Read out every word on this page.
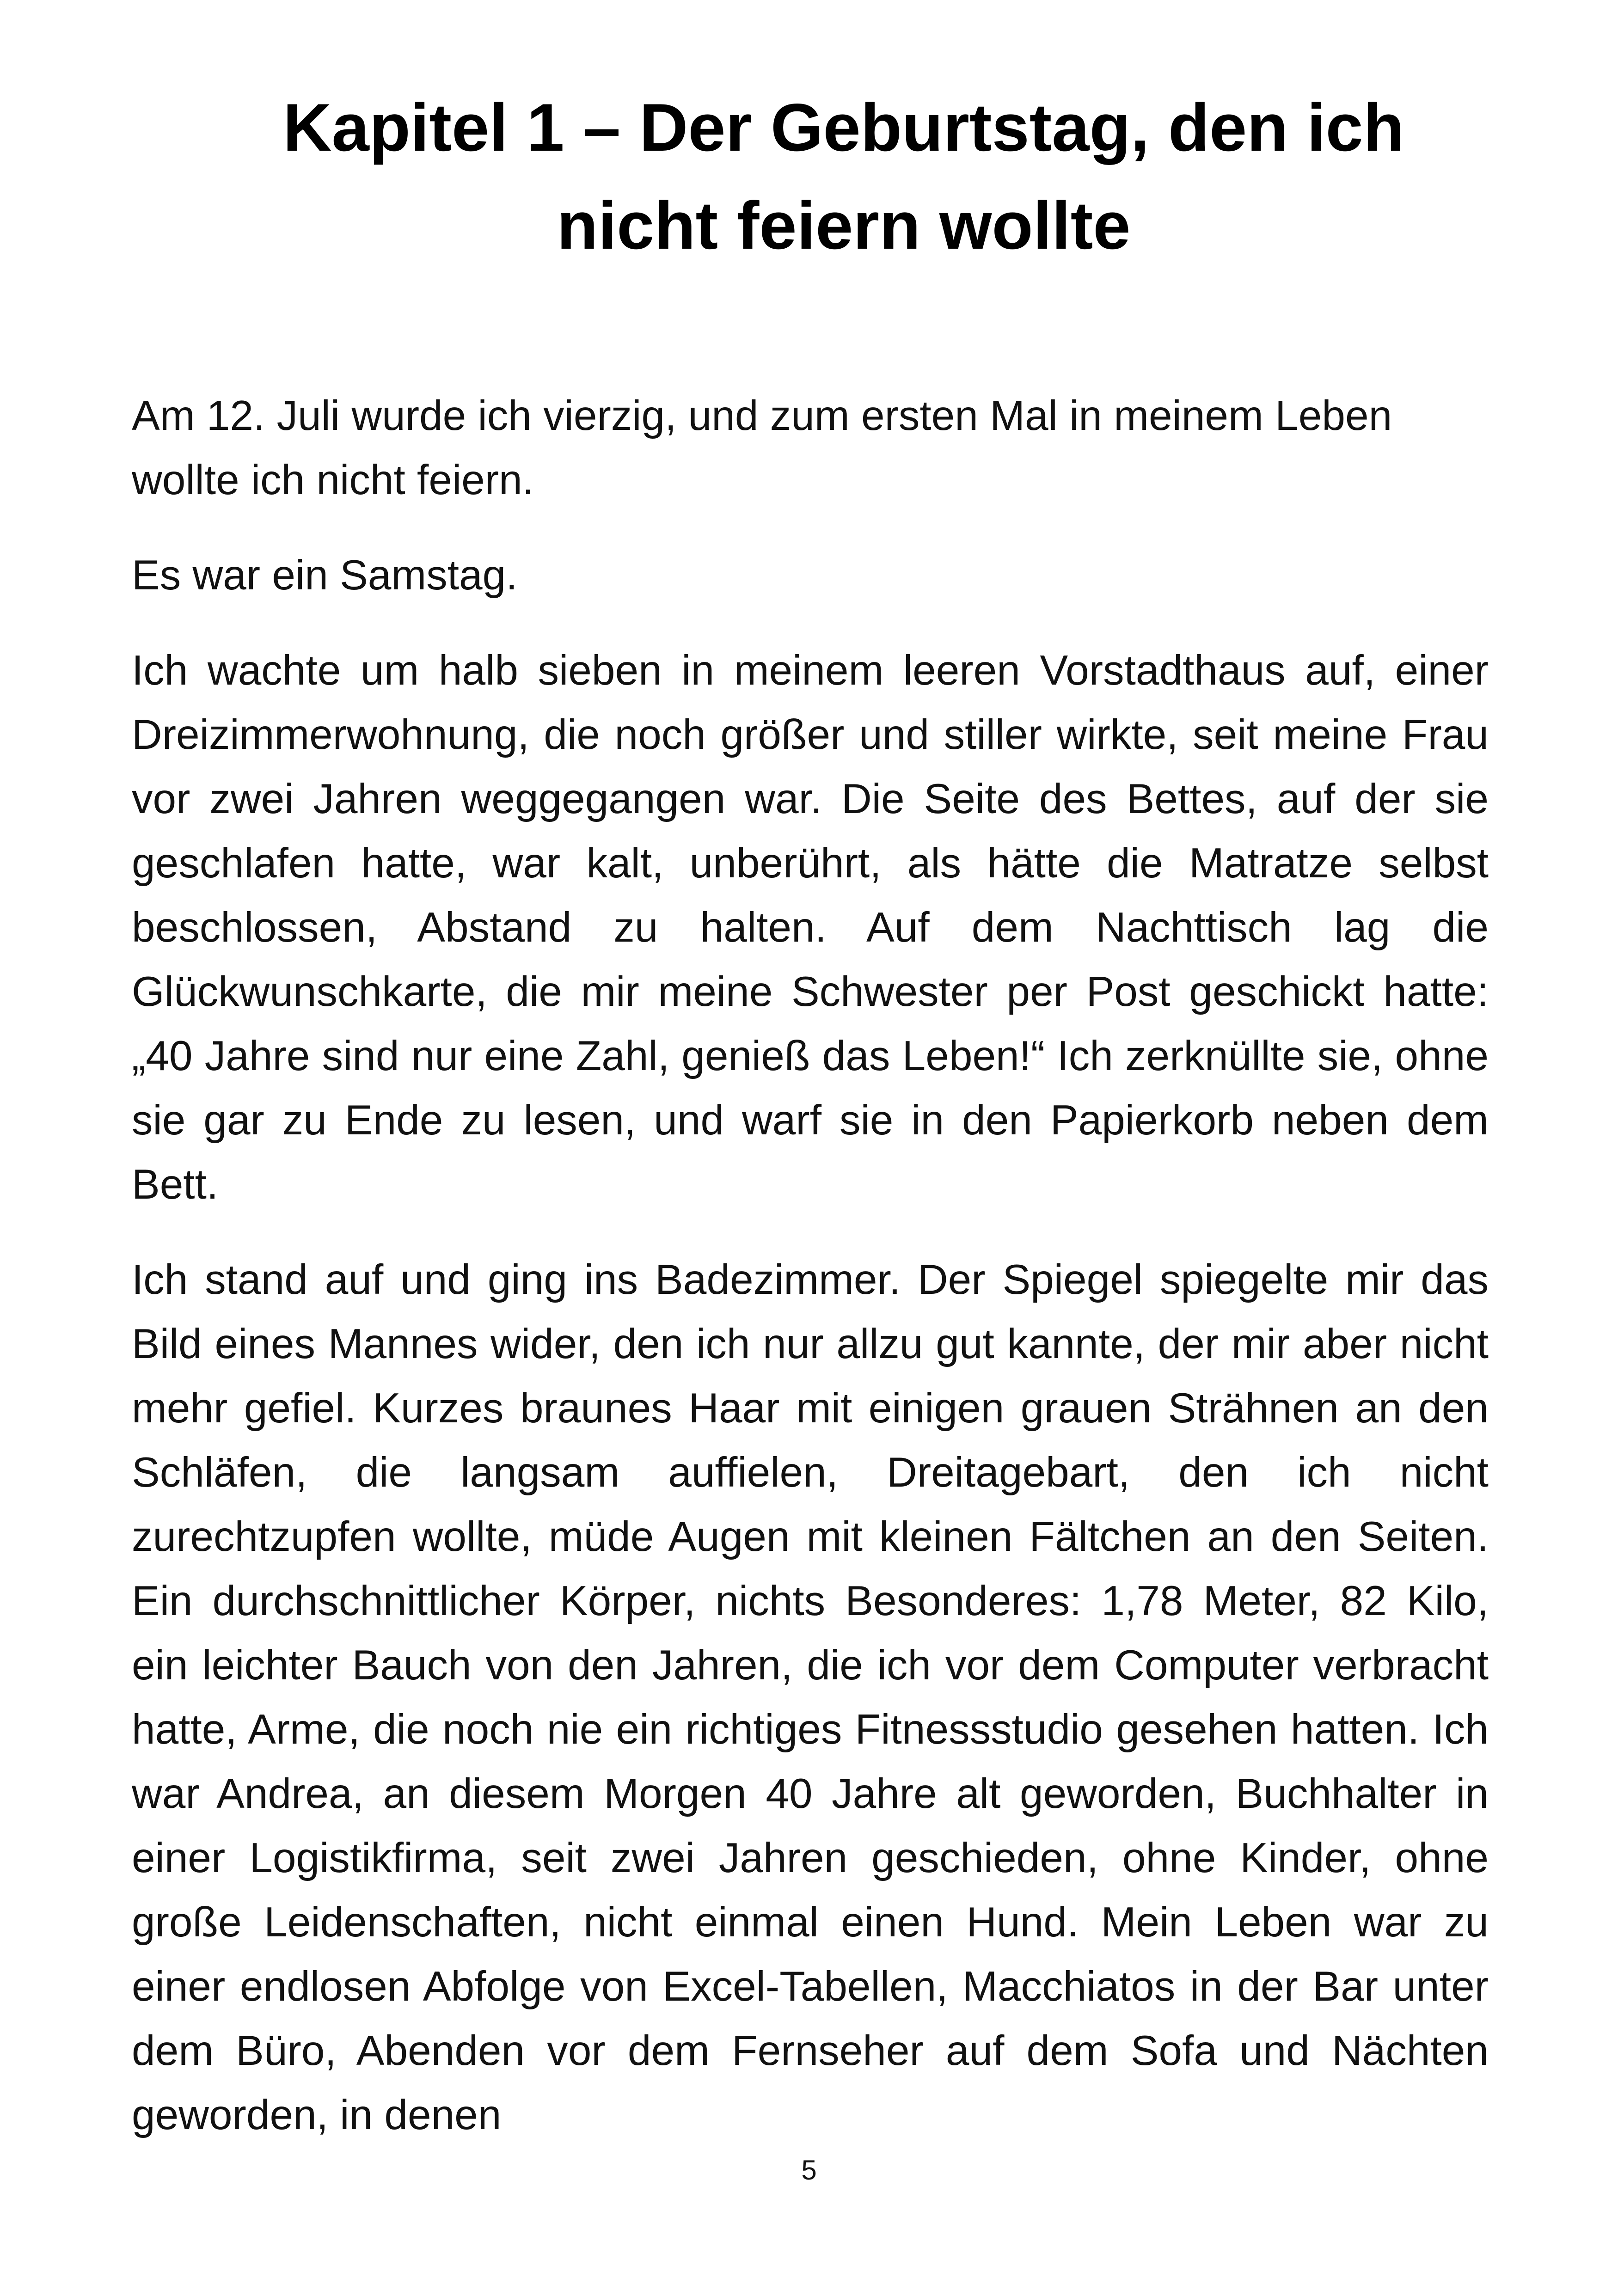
Kapitel 1 – Der Geburtstag, den ich
nicht feiern wollte

Am 12. Juli wurde ich vierzig, und zum ersten Mal in meinem Leben wollte ich nicht feiern.

Es war ein Samstag.

Ich wachte um halb sieben in meinem leeren Vorstadthaus auf, einer Dreizimmerwohnung, die noch größer und stiller wirkte, seit meine Frau vor zwei Jahren weggegangen war. Die Seite des Bettes, auf der sie geschlafen hatte, war kalt, unberührt, als hätte die Matratze selbst beschlossen, Abstand zu halten. Auf dem Nachttisch lag die Glückwunschkarte, die mir meine Schwester per Post geschickt hatte: „40 Jahre sind nur eine Zahl, genieß das Leben!“ Ich zerknüllte sie, ohne sie gar zu Ende zu lesen, und warf sie in den Papierkorb neben dem Bett.

Ich stand auf und ging ins Badezimmer. Der Spiegel spiegelte mir das Bild eines Mannes wider, den ich nur allzu gut kannte, der mir aber nicht mehr gefiel. Kurzes braunes Haar mit einigen grauen Strähnen an den Schläfen, die langsam auffielen, Dreitagebart, den ich nicht zurechtzupfen wollte, müde Augen mit kleinen Fältchen an den Seiten. Ein durchschnittlicher Körper, nichts Besonderes: 1,78 Meter, 82 Kilo, ein leichter Bauch von den Jahren, die ich vor dem Computer verbracht hatte, Arme, die noch nie ein richtiges Fitnessstudio gesehen hatten. Ich war Andrea, an diesem Morgen 40 Jahre alt geworden, Buchhalter in einer Logistikfirma, seit zwei Jahren geschieden, ohne Kinder, ohne große Leidenschaften, nicht einmal einen Hund. Mein Leben war zu einer endlosen Abfolge von Excel-Tabellen, Macchiatos in der Bar unter dem Büro, Abenden vor dem Fernseher auf dem Sofa und Nächten geworden, in denen

5
